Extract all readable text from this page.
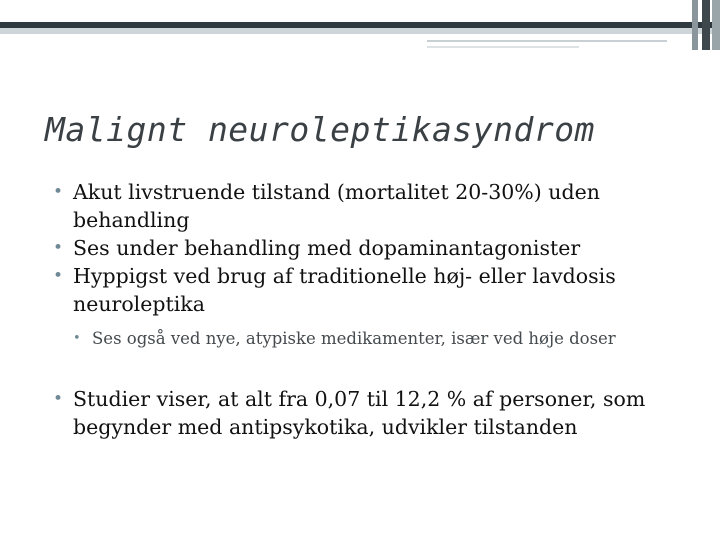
Malignt neuroleptikasyndrom
• Akut livstruende tilstand (mortalitet 20-30%) uden behandling
• Ses under behandling med dopaminantagonister
• Hyppigst ved brug af traditionelle høj- eller lavdosis neuroleptika
• Ses også ved nye, atypiske medikamenter, især ved høje doser
• Studier viser, at alt fra 0,07 til 12,2 % af personer, som begynder med antipsykotika, udvikler tilstanden
